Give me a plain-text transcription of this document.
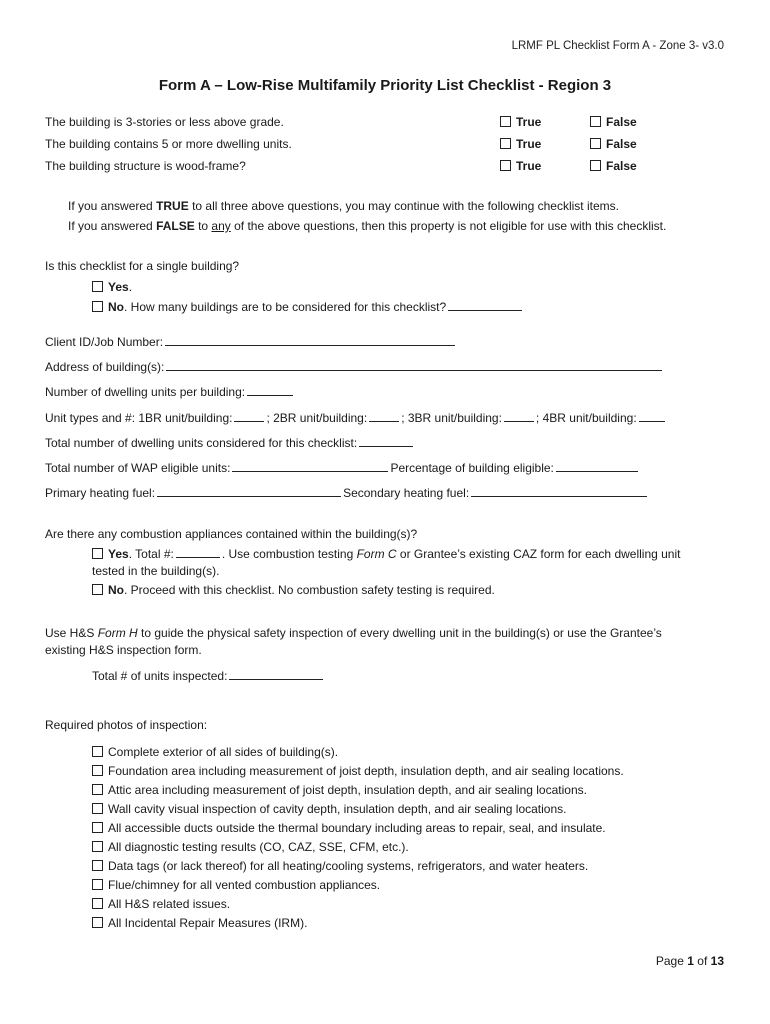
LRMF PL Checklist Form A - Zone 3- v3.0
Form A – Low-Rise Multifamily Priority List Checklist - Region 3
The building is 3-stories or less above grade.	True	False
The building contains 5 or more dwelling units.	True	False
The building structure is wood-frame?	True	False
If you answered TRUE to all three above questions, you may continue with the following checklist items.
If you answered FALSE to any of the above questions, then this property is not eligible for use with this checklist.
Is this checklist for a single building?
Yes.
No. How many buildings are to be considered for this checklist?
Client ID/Job Number:
Address of building(s):
Number of dwelling units per building:
Unit types and #: 1BR unit/building:	; 2BR unit/building:	; 3BR unit/building:	; 4BR unit/building:
Total number of dwelling units considered for this checklist:
Total number of WAP eligible units:	Percentage of building eligible:
Primary heating fuel:	Secondary heating fuel:
Are there any combustion appliances contained within the building(s)?
Yes. Total #:	. Use combustion testing Form C or Grantee’s existing CAZ form for each dwelling unit
tested in the building(s).
No. Proceed with this checklist. No combustion safety testing is required.
Use H&S Form H to guide the physical safety inspection of every dwelling unit in the building(s) or use the Grantee’s
existing H&S inspection form.
Total # of units inspected:
Required photos of inspection:
Complete exterior of all sides of building(s).
Foundation area including measurement of joist depth, insulation depth, and air sealing locations.
Attic area including measurement of joist depth, insulation depth, and air sealing locations.
Wall cavity visual inspection of cavity depth, insulation depth, and air sealing locations.
All accessible ducts outside the thermal boundary including areas to repair, seal, and insulate.
All diagnostic testing results (CO, CAZ, SSE, CFM, etc.).
Data tags (or lack thereof) for all heating/cooling systems, refrigerators, and water heaters.
Flue/chimney for all vented combustion appliances.
All H&S related issues.
All Incidental Repair Measures (IRM).
Page 1 of 13
